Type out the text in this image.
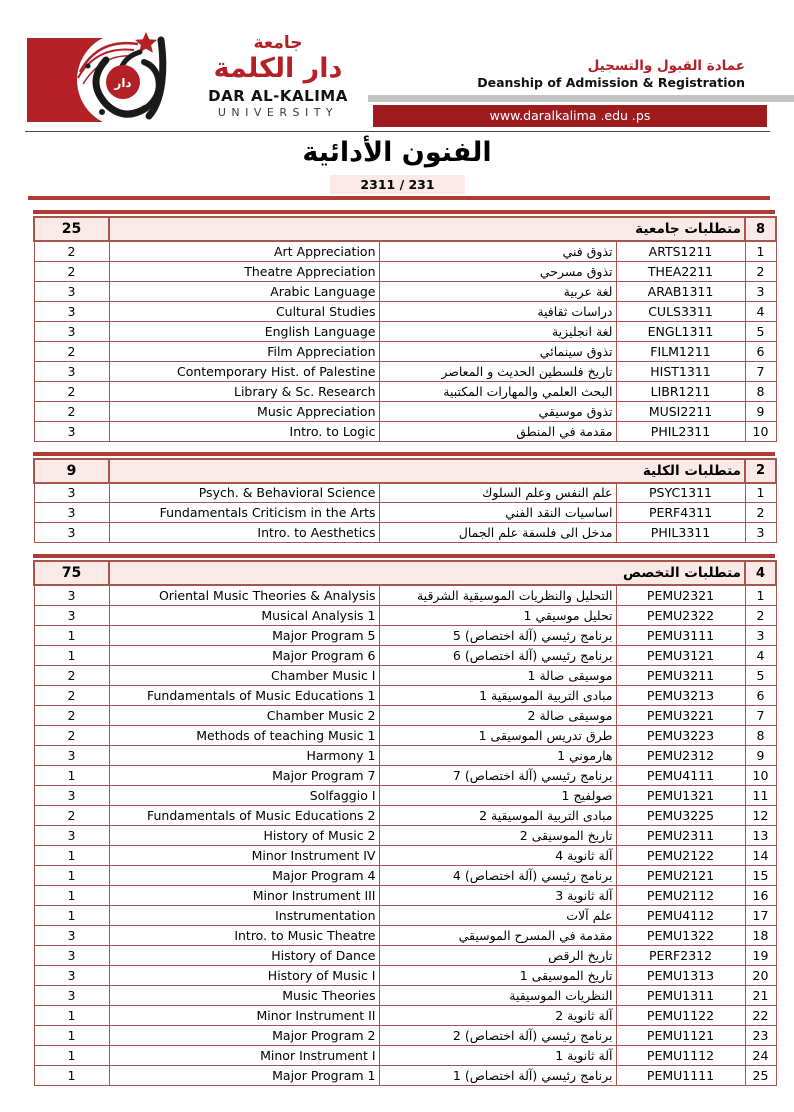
دار
جامعة
دار الكلمة
DAR AL-KALIMA
UNIVERSITY
عمادة القبول والتسجيل
Deanship of Admission & Registration
www.daralkalima .edu .ps
الفنون الأدائية
2311 / 231
25	متطلبات جامعية			8
2	Art Appreciation	تذوق فني	ARTS1211	1
2	Theatre Appreciation	تذوق مسرحي	THEA2211	2
3	Arabic Language	لغة عربية	ARAB1311	3
3	Cultural Studies	دراسات ثقافية	CULS3311	4
3	English Language	لغة انجليزية	ENGL1311	5
2	Film Appreciation	تذوق سينمائي	FILM1211	6
3	Contemporary Hist. of Palestine	تاريخ فلسطين الحديث و المعاصر	HIST1311	7
2	Library & Sc. Research	البحث العلمي والمهارات المكتبية	LIBR1211	8
2	Music Appreciation	تذوق موسيقي	MUSI2211	9
3	Intro. to Logic	مقدمة في المنطق	PHIL2311	10
9	متطلبات الكلية			2
3	Psych. & Behavioral Science	علم النفس وعلم السلوك	PSYC1311	1
3	Fundamentals Criticism in the Arts	اساسيات النقد الفني	PERF4311	2
3	Intro. to Aesthetics	مدخل الى فلسفة علم الجمال	PHIL3311	3
75	متطلبات التخصص			4
3	Oriental Music Theories & Analysis	التحليل والنظريات الموسيقية الشرقية	PEMU2321	1
3	Musical Analysis 1	تحليل موسيقي 1	PEMU2322	2
1	Major Program 5	برنامج رئيسي (آلة اختصاص) 5	PEMU3111	3
1	Major Program 6	برنامج رئيسي (آلة اختصاص) 6	PEMU3121	4
2	Chamber Music I	موسيقى صالة 1	PEMU3211	5
2	Fundamentals of Music Educations 1	مبادى التربية الموسيقية 1	PEMU3213	6
2	Chamber Music 2	موسيقى صالة 2	PEMU3221	7
2	Methods of teaching Music 1	طرق تدريس الموسيقى 1	PEMU3223	8
3	Harmony 1	هارموني 1	PEMU2312	9
1	Major Program 7	برنامج رئيسي (آلة اختصاص) 7	PEMU4111	10
3	Solfaggio I	صولفيج 1	PEMU1321	11
2	Fundamentals of Music Educations 2	مبادى التربية الموسيقية 2	PEMU3225	12
3	History of Music 2	تاريخ الموسيقى 2	PEMU2311	13
1	Minor Instrument IV	آلة ثانوية 4	PEMU2122	14
1	Major Program 4	برنامج رئيسي (آلة اختصاص) 4	PEMU2121	15
1	Minor Instrument III	آلة ثانوية 3	PEMU2112	16
1	Instrumentation	علم آلات	PEMU4112	17
3	Intro. to Music Theatre	مقدمة في المسرح الموسيقي	PEMU1322	18
3	History of Dance	تاريخ الرقص	PERF2312	19
3	History of Music I	تاريخ الموسيقى 1	PEMU1313	20
3	Music Theories	النظريات الموسيقية	PEMU1311	21
1	Minor Instrument II	آلة ثانوية 2	PEMU1122	22
1	Major Program 2	برنامج رئيسي (آلة اختصاص) 2	PEMU1121	23
1	Minor Instrument I	آلة ثانوية 1	PEMU1112	24
1	Major Program 1	برنامج رئيسي (آلة اختصاص) 1	PEMU1111	25
